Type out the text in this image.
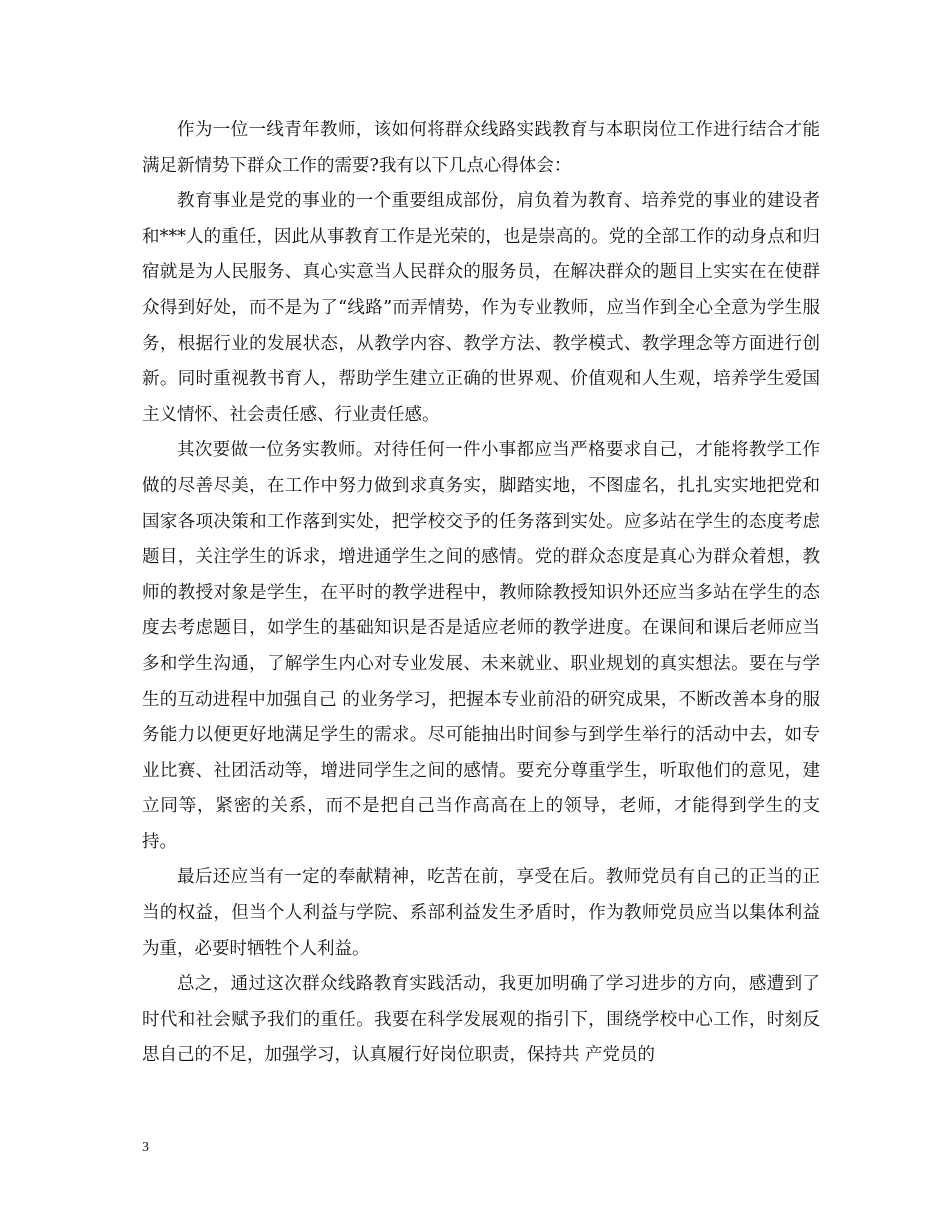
作为一位一线青年教师，该如何将群众线路实践教育与本职岗位工作进行结合才能满足新情势下群众工作的需要?我有以下几点心得体会：

教育事业是党的事业的一个重要组成部份，肩负着为教育、培养党的事业的建设者和***人的重任，因此从事教育工作是光荣的，也是崇高的。党的全部工作的动身点和归宿就是为人民服务、真心实意当人民群众的服务员，在解决群众的题目上实实在在使群众得到好处，而不是为了“线路”而弄情势，作为专业教师，应当作到全心全意为学生服务，根据行业的发展状态，从教学内容、教学方法、教学模式、教学理念等方面进行创新。同时重视教书育人，帮助学生建立正确的世界观、价值观和人生观，培养学生爱国主义情怀、社会责任感、行业责任感。

其次要做一位务实教师。对待任何一件小事都应当严格要求自己，才能将教学工作做的尽善尽美，在工作中努力做到求真务实，脚踏实地，不图虚名，扎扎实实地把党和国家各项决策和工作落到实处，把学校交予的任务落到实处。应多站在学生的态度考虑题目，关注学生的诉求，增进通学生之间的感情。党的群众态度是真心为群众着想，教师的教授对象是学生，在平时的教学进程中，教师除教授知识外还应当多站在学生的态度去考虑题目，如学生的基础知识是否是适应老师的教学进度。在课间和课后老师应当多和学生沟通，了解学生内心对专业发展、未来就业、职业规划的真实想法。要在与学生的互动进程中加强自己 的业务学习，把握本专业前沿的研究成果，不断改善本身的服务能力以便更好地满足学生的需求。尽可能抽出时间参与到学生举行的活动中去，如专业比赛、社团活动等，增进同学生之间的感情。要充分尊重学生，听取他们的意见，建立同等，紧密的关系，而不是把自己当作高高在上的领导，老师，才能得到学生的支持。

最后还应当有一定的奉献精神，吃苦在前，享受在后。教师党员有自己的正当的正当的权益，但当个人利益与学院、系部利益发生矛盾时，作为教师党员应当以集体利益为重，必要时牺牲个人利益。

总之，通过这次群众线路教育实践活动，我更加明确了学习进步的方向，感遭到了时代和社会赋予我们的重任。我要在科学发展观的指引下，围绕学校中心工作，时刻反思自己的不足，加强学习，认真履行好岗位职责，保持共 产党员的

3
